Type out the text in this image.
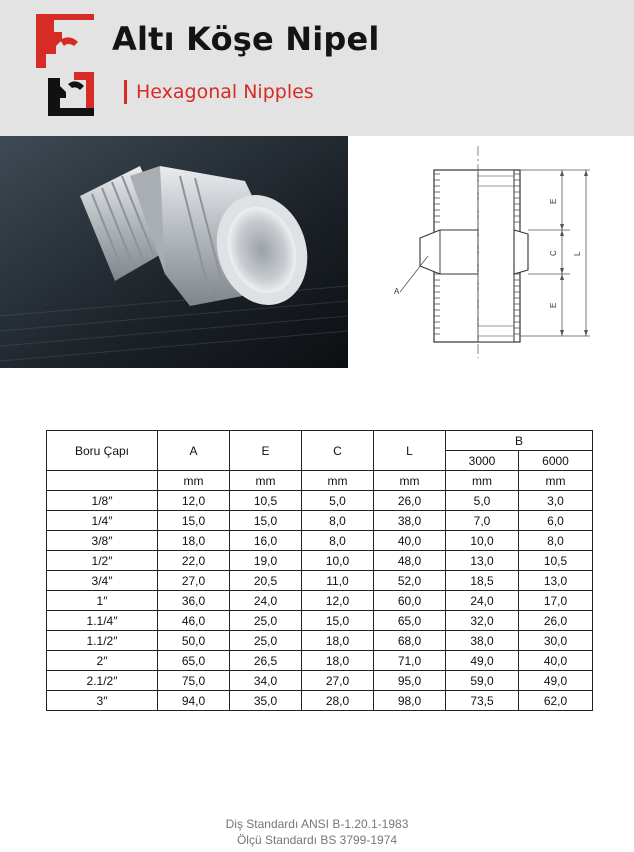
Altı Köşe Nipel
Hexagonal Nipples
A
E
C
E
L
Boru Çapı	A	E	C	L	B	
					3000	6000
	mm	mm	mm	mm	mm	mm
1/8″	12,0	10,5	5,0	26,0	5,0	3,0
1/4″	15,0	15,0	8,0	38,0	7,0	6,0
3/8″	18,0	16,0	8,0	40,0	10,0	8,0
1/2″	22,0	19,0	10,0	48,0	13,0	10,5
3/4″	27,0	20,5	11,0	52,0	18,5	13,0
1″	36,0	24,0	12,0	60,0	24,0	17,0
1.1/4″	46,0	25,0	15,0	65,0	32,0	26,0
1.1/2″	50,0	25,0	18,0	68,0	38,0	30,0
2″	65,0	26,5	18,0	71,0	49,0	40,0
2.1/2″	75,0	34,0	27,0	95,0	59,0	49,0
3″	94,0	35,0	28,0	98,0	73,5	62,0
Diş Standardı ANSI B-1.20.1-1983
Ölçü Standardı BS 3799-1974
